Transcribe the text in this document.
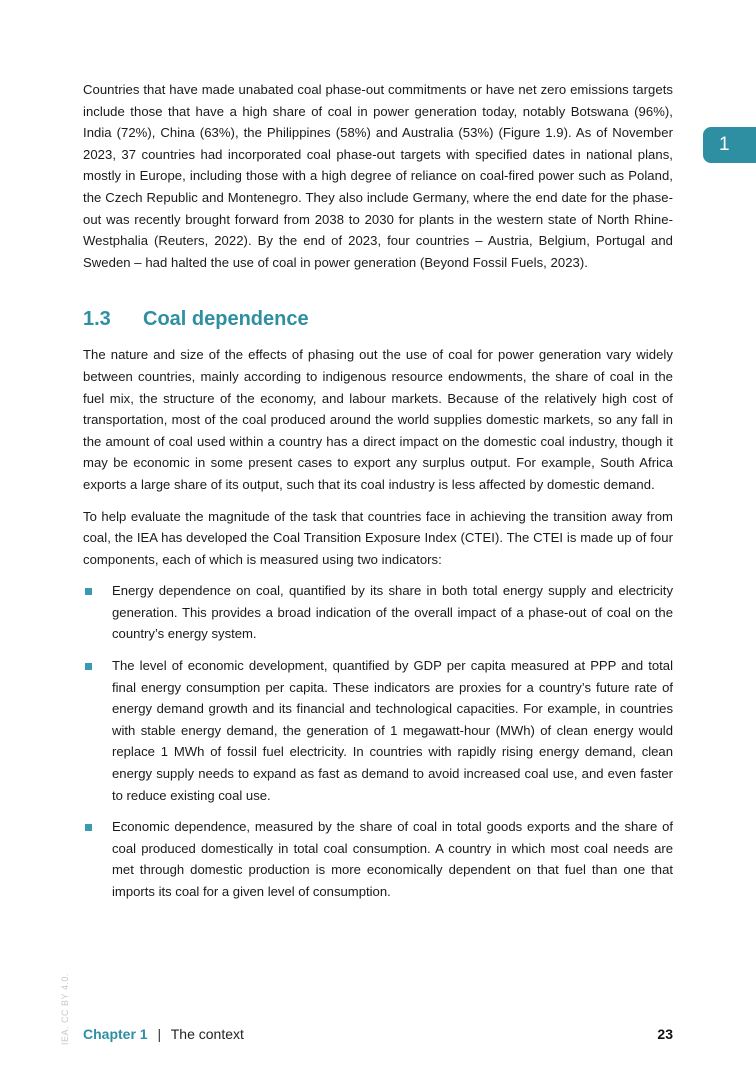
1

Countries that have made unabated coal phase-out commitments or have net zero emissions targets include those that have a high share of coal in power generation today, notably Botswana (96%), India (72%), China (63%), the Philippines (58%) and Australia (53%) (Figure 1.9). As of November 2023, 37 countries had incorporated coal phase-out targets with specified dates in national plans, mostly in Europe, including those with a high degree of reliance on coal-fired power such as Poland, the Czech Republic and Montenegro. They also include Germany, where the end date for the phase-out was recently brought forward from 2038 to 2030 for plants in the western state of North Rhine-Westphalia (Reuters, 2022). By the end of 2023, four countries – Austria, Belgium, Portugal and Sweden – had halted the use of coal in power generation (Beyond Fossil Fuels, 2023).

1.3	Coal dependence

The nature and size of the effects of phasing out the use of coal for power generation vary widely between countries, mainly according to indigenous resource endowments, the share of coal in the fuel mix, the structure of the economy, and labour markets. Because of the relatively high cost of transportation, most of the coal produced around the world supplies domestic markets, so any fall in the amount of coal used within a country has a direct impact on the domestic coal industry, though it may be economic in some present cases to export any surplus output. For example, South Africa exports a large share of its output, such that its coal industry is less affected by domestic demand.

To help evaluate the magnitude of the task that countries face in achieving the transition away from coal, the IEA has developed the Coal Transition Exposure Index (CTEI). The CTEI is made up of four components, each of which is measured using two indicators:

Energy dependence on coal, quantified by its share in both total energy supply and electricity generation. This provides a broad indication of the overall impact of a phase-out of coal on the country’s energy system.
The level of economic development, quantified by GDP per capita measured at PPP and total final energy consumption per capita. These indicators are proxies for a country’s future rate of energy demand growth and its financial and technological capacities. For example, in countries with stable energy demand, the generation of 1 megawatt-hour (MWh) of clean energy would replace 1 MWh of fossil fuel electricity. In countries with rapidly rising energy demand, clean energy supply needs to expand as fast as demand to avoid increased coal use, and even faster to reduce existing coal use.
Economic dependence, measured by the share of coal in total goods exports and the share of coal produced domestically in total coal consumption. A country in which most coal needs are met through domestic production is more economically dependent on that fuel than one that imports its coal for a given level of consumption.
IEA. CC BY 4.0. Chapter 1 | The context	23
